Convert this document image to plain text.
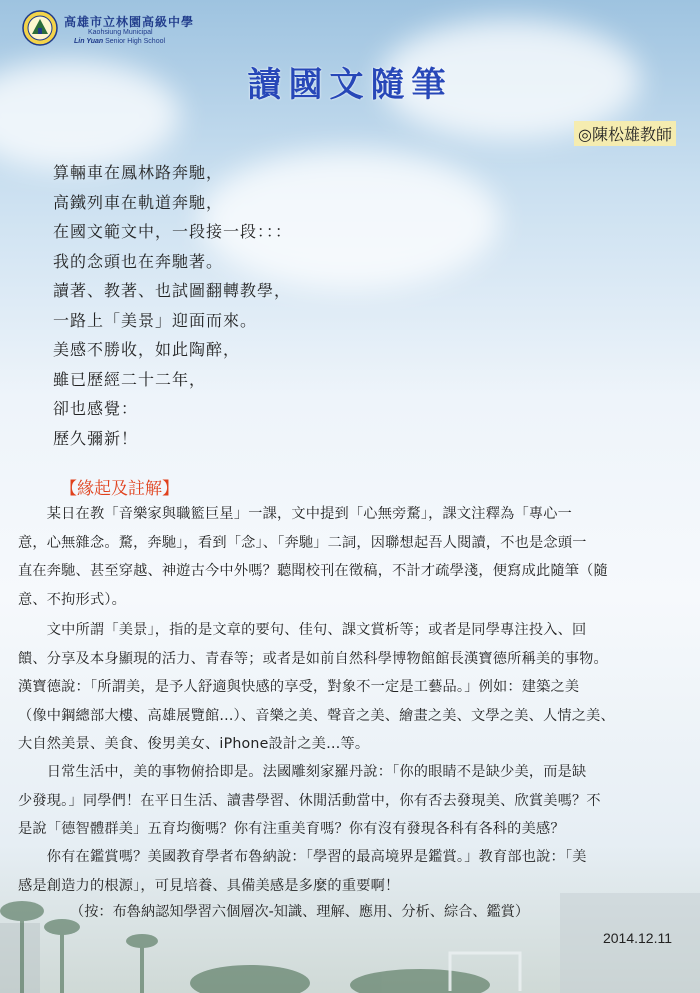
高雄市立林園高級中學
Kaohsiung Municipal
Lin Yuan Senior High School
讀國文隨筆
◎陳松雄教師
算輛車在鳳林路奔馳，
高鐵列車在軌道奔馳，
在國文範文中，一段接一段：：：
我的念頭也在奔馳著。
讀著、教著、也試圖翻轉教學，
一路上「美景」迎面而來。
美感不勝收，如此陶醉，
雖已歷經二十二年，
卻也感覺：
歷久彌新！
【緣起及註解】
　　某日在教「音樂家與職籃巨星」一課，文中提到「心無旁騖」，課文注釋為「專心一
意，心無雜念。騖，奔馳」，看到「念」、「奔馳」二詞，因聯想起吾人閱讀，不也是念頭一
直在奔馳、甚至穿越、神遊古今中外嗎？聽聞校刊在徵稿，不計才疏學淺，便寫成此隨筆（隨
意、不拘形式）。
　　文中所謂「美景」，指的是文章的要句、佳句、課文賞析等；或者是同學專注投入、回
饋、分享及本身顯現的活力、青春等；或者是如前自然科學博物館館長漢寶德所稱美的事物。
漢寶德說：「所謂美，是予人舒適與快感的享受，對象不一定是工藝品。」例如：建築之美
（像中鋼總部大樓、高雄展覽館...）、音樂之美、聲音之美、繪畫之美、文學之美、人情之美、
大自然美景、美食、俊男美女、iPhone設計之美…等。
　　日常生活中，美的事物俯拾即是。法國雕刻家羅丹說：「你的眼睛不是缺少美，而是缺
少發現。」同學們！在平日生活、讀書學習、休閒活動當中，你有否去發現美、欣賞美嗎？不
是說「德智體群美」五育均衡嗎？你有注重美育嗎？你有沒有發現各科有各科的美感？
　　你有在鑑賞嗎？美國教育學者布魯納說：「學習的最高境界是鑑賞。」教育部也說：「美
感是創造力的根源」，可見培養、具備美感是多麼的重要啊！
（按：布魯納認知學習六個層次-知識、理解、應用、分析、綜合、鑑賞）
2014.12.11
